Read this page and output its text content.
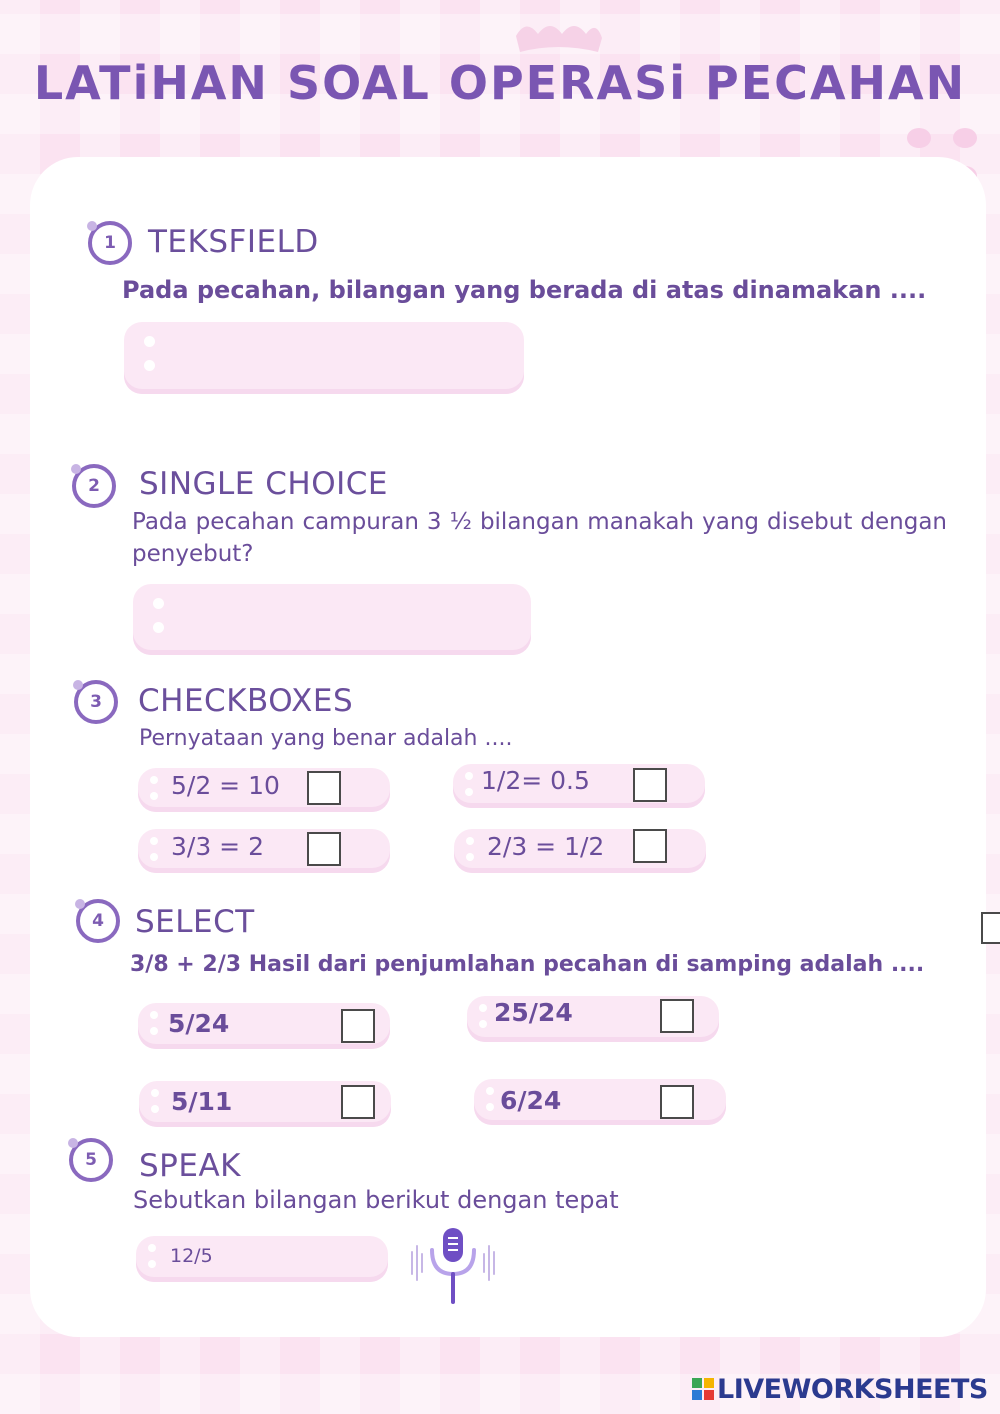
LATiHAN SOAL OPERASi PECAHAN
1	TEKSFIELD
Pada pecahan, bilangan yang berada di atas dinamakan ....
2	SINGLE CHOICE
Pada pecahan campuran 3 ½ bilangan manakah yang disebut dengan penyebut?
3	CHECKBOXES
Pernyataan yang benar adalah ....
5/2 = 10	1/2= 0.5
3/3 = 2	2/3 = 1/2
4	SELECT
3/8 + 2/3 Hasil dari penjumlahan pecahan di samping adalah ....
5/24	25/24
5/11	6/24
5	SPEAK
Sebutkan bilangan berikut dengan tepat
12/5
LIVEWORKSHEETS
